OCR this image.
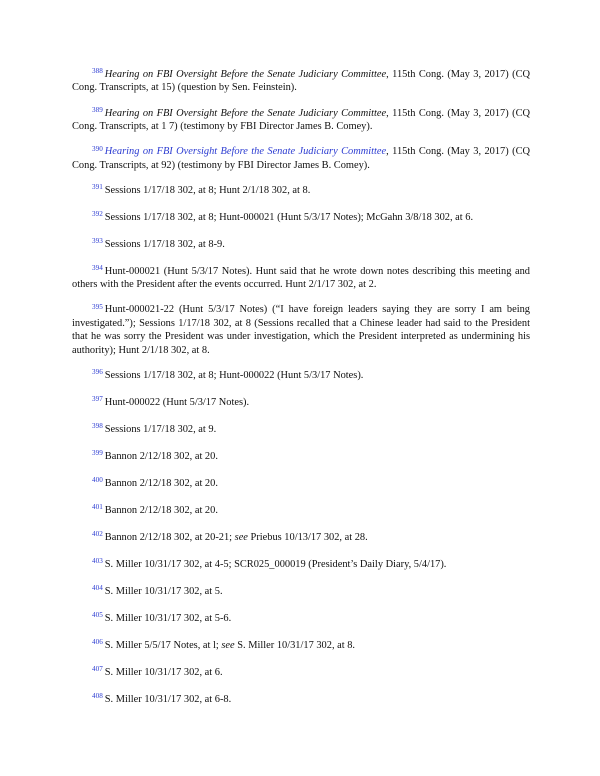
$^{388}$ Hearing on FBI Oversight Before the Senate Judiciary Committee, 115th Cong. (May 3, 2017) (CQ Cong. Transcripts, at 15) (question by Sen. Feinstein).

$^{389}$ Hearing on FBI Oversight Before the Senate Judiciary Committee, 115th Cong. (May 3, 2017) (CQ Cong. Transcripts, at 1 7) (testimony by FBI Director James B. Comey).

$^{390}$ Hearing on FBI Oversight Before the Senate Judiciary Committee, 115th Cong. (May 3, 2017) (CQ Cong. Transcripts, at 92) (testimony by FBI Director James B. Comey).

$^{391}$ Sessions 1/17/18 302, at 8; Hunt 2/1/18 302, at 8.

$^{392}$ Sessions 1/17/18 302, at 8; Hunt-000021 (Hunt 5/3/17 Notes); McGahn 3/8/18 302, at 6.

$^{393}$ Sessions 1/17/18 302, at 8-9.

$^{394}$ Hunt-000021 (Hunt 5/3/17 Notes). Hunt said that he wrote down notes describing this meeting and others with the President after the events occurred. Hunt 2/1/17 302, at 2.

$^{395}$ Hunt-000021-22 (Hunt 5/3/17 Notes) (“I have foreign leaders saying they are sorry I am being investigated.”); Sessions 1/17/18 302, at 8 (Sessions recalled that a Chinese leader had said to the President that he was sorry the President was under investigation, which the President interpreted as undermining his authority); Hunt 2/1/18 302, at 8.

$^{396}$ Sessions 1/17/18 302, at 8; Hunt-000022 (Hunt 5/3/17 Notes).

$^{397}$ Hunt-000022 (Hunt 5/3/17 Notes).

$^{398}$ Sessions 1/17/18 302, at 9.

$^{399}$ Bannon 2/12/18 302, at 20.

$^{400}$ Bannon 2/12/18 302, at 20.

$^{401}$ Bannon 2/12/18 302, at 20.

$^{402}$ Bannon 2/12/18 302, at 20-21; see Priebus 10/13/17 302, at 28.

$^{403}$ S. Miller 10/31/17 302, at 4-5; SCR025_000019 (President’s Daily Diary, 5/4/17).

$^{404}$ S. Miller 10/31/17 302, at 5.

$^{405}$ S. Miller 10/31/17 302, at 5-6.

$^{406}$ S. Miller 5/5/17 Notes, at l; see S. Miller 10/31/17 302, at 8.

$^{407}$ S. Miller 10/31/17 302, at 6.

$^{408}$ S. Miller 10/31/17 302, at 6-8.
